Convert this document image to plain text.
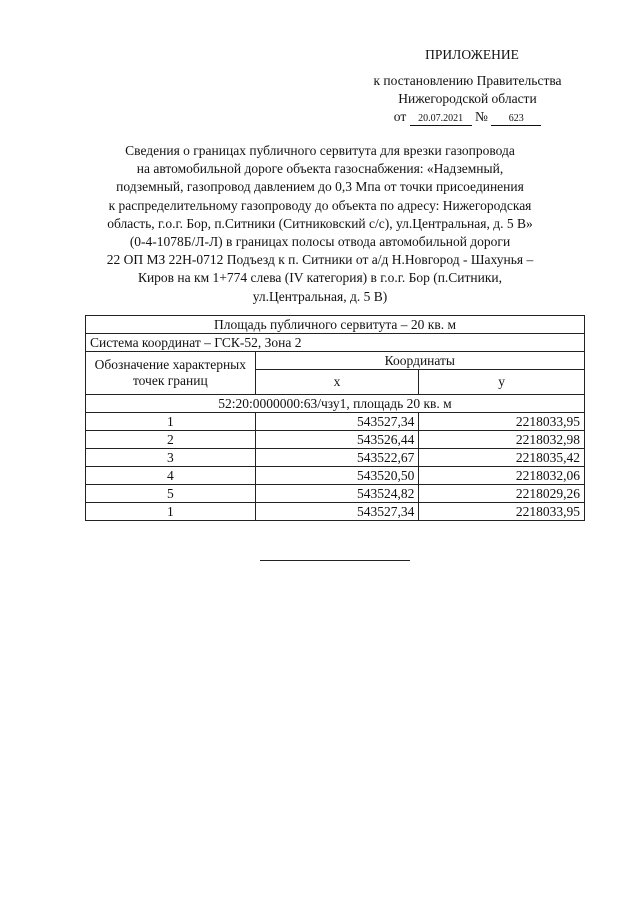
ПРИЛОЖЕНИЕ
к постановлению Правительства
Нижегородской области
от 20.07.2021 № 623
Сведения о границах публичного сервитута для врезки газопровода
на автомобильной дороге объекта газоснабжения: «Надземный,
подземный, газопровод давлением до 0,3 Мпа от точки присоединения
к распределительному газопроводу до объекта по адресу: Нижегородская
область, г.о.г. Бор, п.Ситники (Ситниковский с/с), ул.Центральная, д. 5 В»
(0-4-1078Б/Л-Л) в границах полосы отвода автомобильной дороги
22 ОП МЗ 22Н-0712 Подъезд к п. Ситники от а/д Н.Новгород - Шахунья –
Киров на км 1+774 слева (IV категория) в г.о.г. Бор (п.Ситники,
ул.Центральная, д. 5 В)
Площадь публичного сервитута – 20 кв. м		
Система координат – ГСК-52, Зона 2		
Обозначение характерных точек границ	Координаты	
	x	y
52:20:0000000:63/чзу1, площадь 20 кв. м		
1	543527,34	2218033,95
2	543526,44	2218032,98
3	543522,67	2218035,42
4	543520,50	2218032,06
5	543524,82	2218029,26
1	543527,34	2218033,95
